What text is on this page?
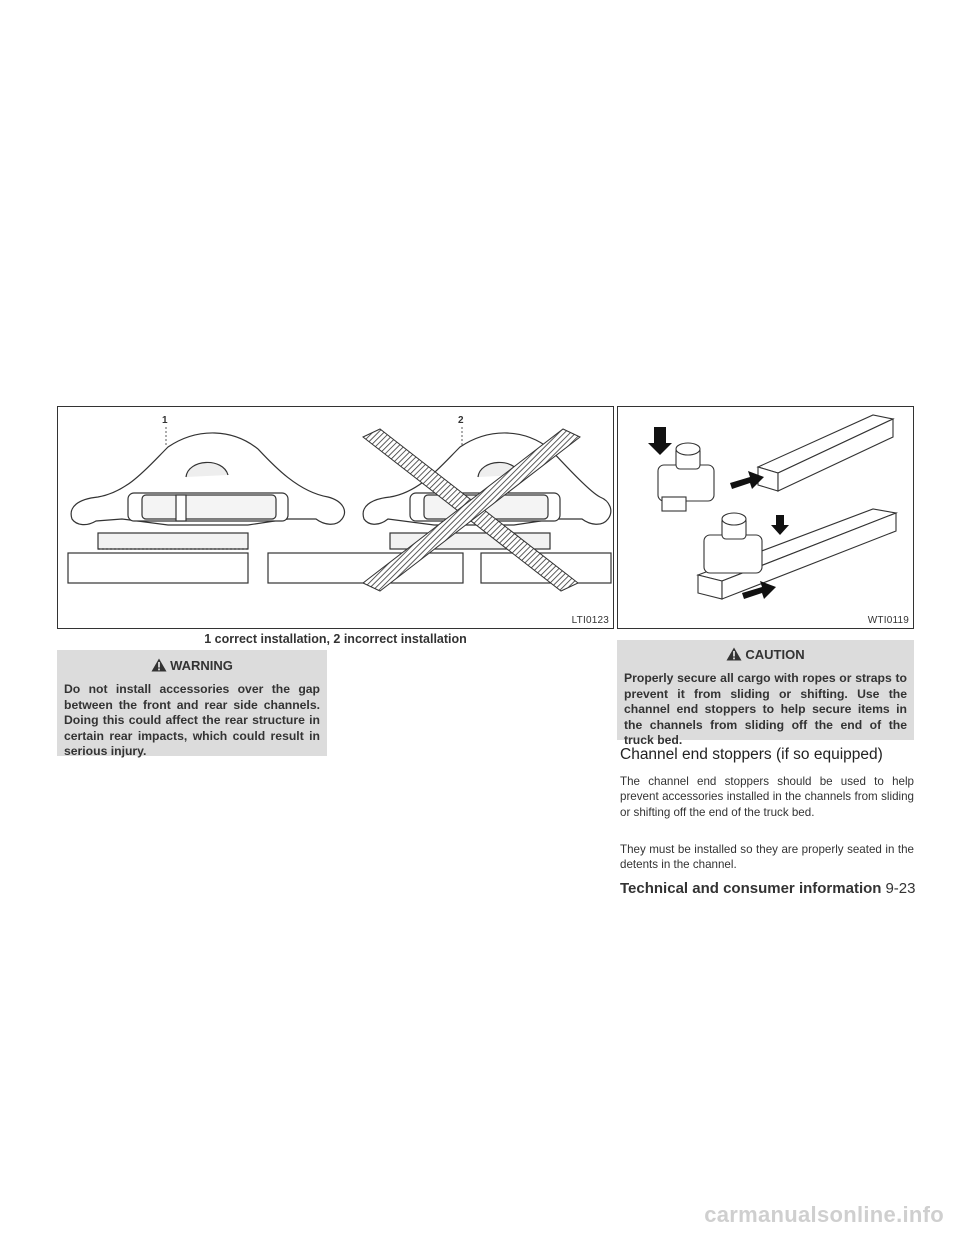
1	2
LTI0123	WTI0119
1 correct installation, 2 incorrect installation
WARNING
Do not install accessories over the gap between the front and rear side channels. Doing this could affect the rear structure in certain rear impacts, which could result in serious injury.
CAUTION
Properly secure all cargo with ropes or straps to prevent it from sliding or shifting. Use the channel end stoppers to help secure items in the channels from sliding off the end of the truck bed.
Channel end stoppers (if so equipped)
The channel end stoppers should be used to help prevent accessories installed in the channels from sliding or shifting off the end of the truck bed.
They must be installed so they are properly seated in the detents in the channel.
Technical and consumer information 9-23
carmanualsonline.info
